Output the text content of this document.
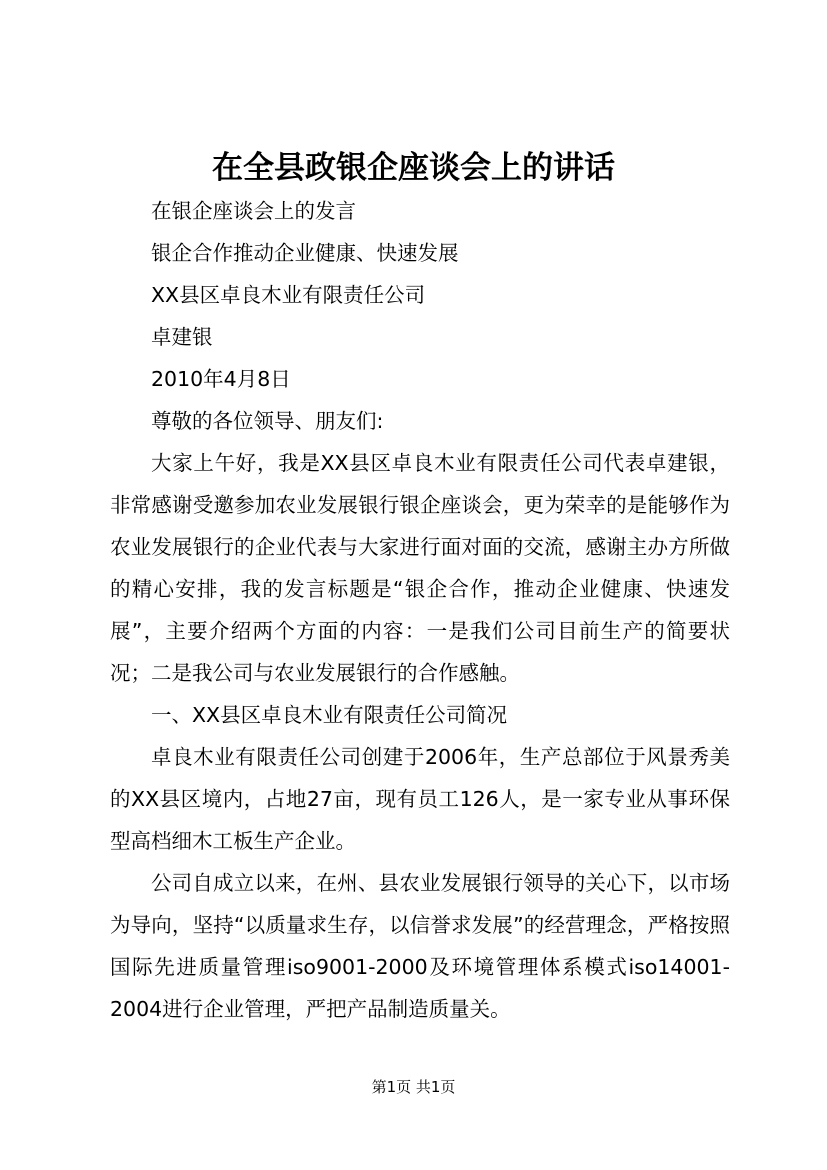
在全县政银企座谈会上的讲话

在银企座谈会上的发言

银企合作推动企业健康、快速发展

XX县区卓良木业有限责任公司

卓建银

2010年4月8日

尊敬的各位领导、朋友们:

大家上午好，我是XX县区卓良木业有限责任公司代表卓建银，非常感谢受邀参加农业发展银行银企座谈会，更为荣幸的是能够作为农业发展银行的企业代表与大家进行面对面的交流，感谢主办方所做的精心安排，我的发言标题是“银企合作，推动企业健康、快速发展”，主要介绍两个方面的内容：一是我们公司目前生产的简要状况；二是我公司与农业发展银行的合作感触。

一、XX县区卓良木业有限责任公司简况

卓良木业有限责任公司创建于2006年，生产总部位于风景秀美的XX县区境内，占地27亩，现有员工126人，是一家专业从事环保型高档细木工板生产企业。

公司自成立以来，在州、县农业发展银行领导的关心下，以市场为导向，坚持“以质量求生存，以信誉求发展”的经营理念，严格按照国际先进质量管理iso9001-2000及环境管理体系模式iso14001-2004进行企业管理，严把产品制造质量关。

第1页 共1页
